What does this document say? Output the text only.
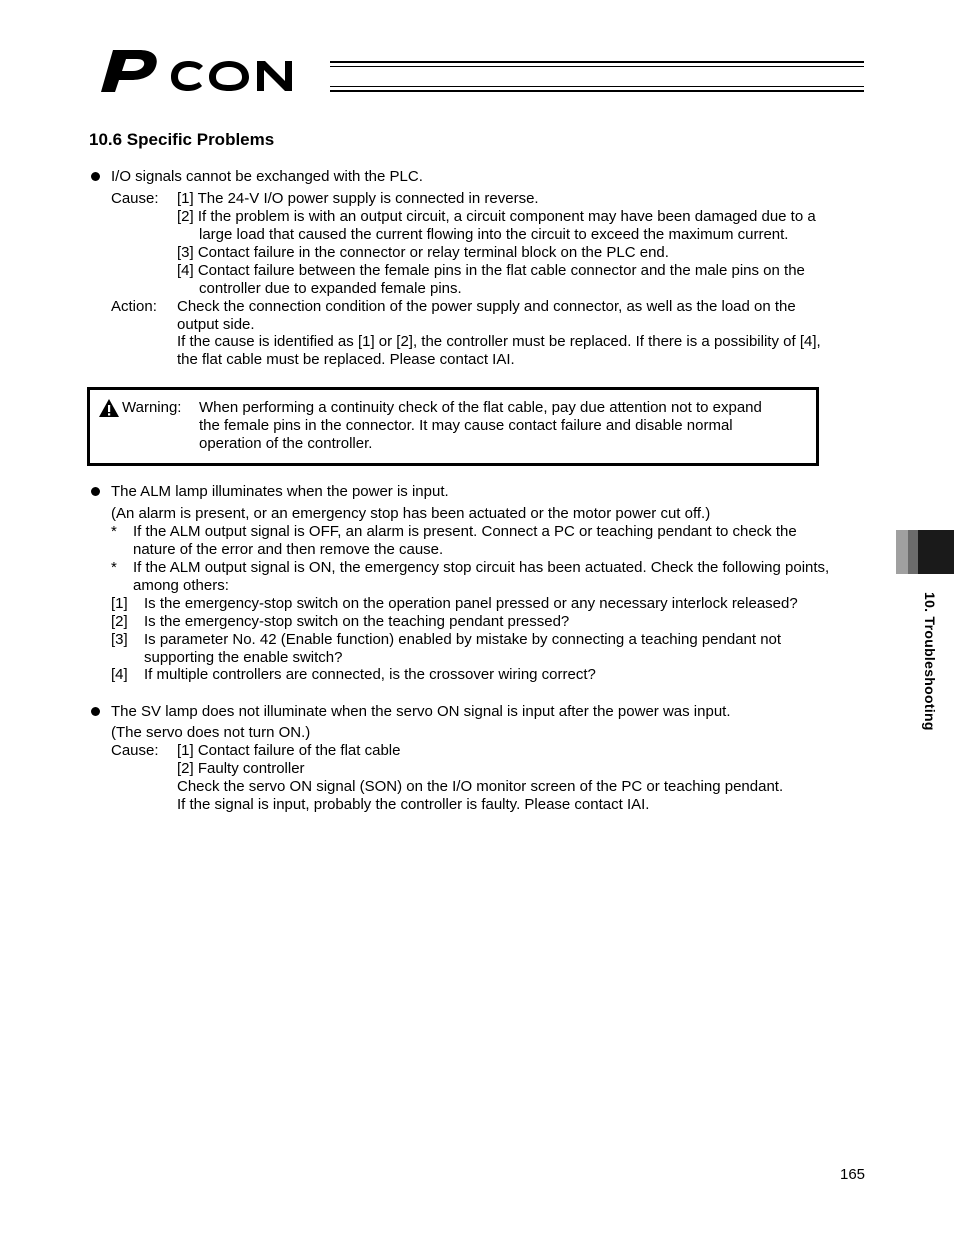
10.6 Specific Problems
I/O signals cannot be exchanged with the PLC.
Cause: [1] The 24-V I/O power supply is connected in reverse.
[2] If the problem is with an output circuit, a circuit component may have been damaged due to a
large load that caused the current flowing into the circuit to exceed the maximum current.
[3] Contact failure in the connector or relay terminal block on the PLC end.
[4] Contact failure between the female pins in the flat cable connector and the male pins on the
controller due to expanded female pins.
Action: Check the connection condition of the power supply and connector, as well as the load on the
output side.
If the cause is identified as [1] or [2], the controller must be replaced. If there is a possibility of [4],
the flat cable must be replaced. Please contact IAI.
Warning: When performing a continuity check of the flat cable, pay due attention not to expand
the female pins in the connector. It may cause contact failure and disable normal
operation of the controller.
The ALM lamp illuminates when the power is input.
(An alarm is present, or an emergency stop has been actuated or the motor power cut off.)
* If the ALM output signal is OFF, an alarm is present. Connect a PC or teaching pendant to check the
nature of the error and then remove the cause.
* If the ALM output signal is ON, the emergency stop circuit has been actuated. Check the following points,
among others:
[1] Is the emergency-stop switch on the operation panel pressed or any necessary interlock released?
[2] Is the emergency-stop switch on the teaching pendant pressed?
[3] Is parameter No. 42 (Enable function) enabled by mistake by connecting a teaching pendant not
supporting the enable switch?
[4] If multiple controllers are connected, is the crossover wiring correct?
The SV lamp does not illuminate when the servo ON signal is input after the power was input.
(The servo does not turn ON.)
Cause: [1] Contact failure of the flat cable
[2] Faulty controller
Check the servo ON signal (SON) on the I/O monitor screen of the PC or teaching pendant.
If the signal is input, probably the controller is faulty. Please contact IAI.
10. Troubleshooting
165
